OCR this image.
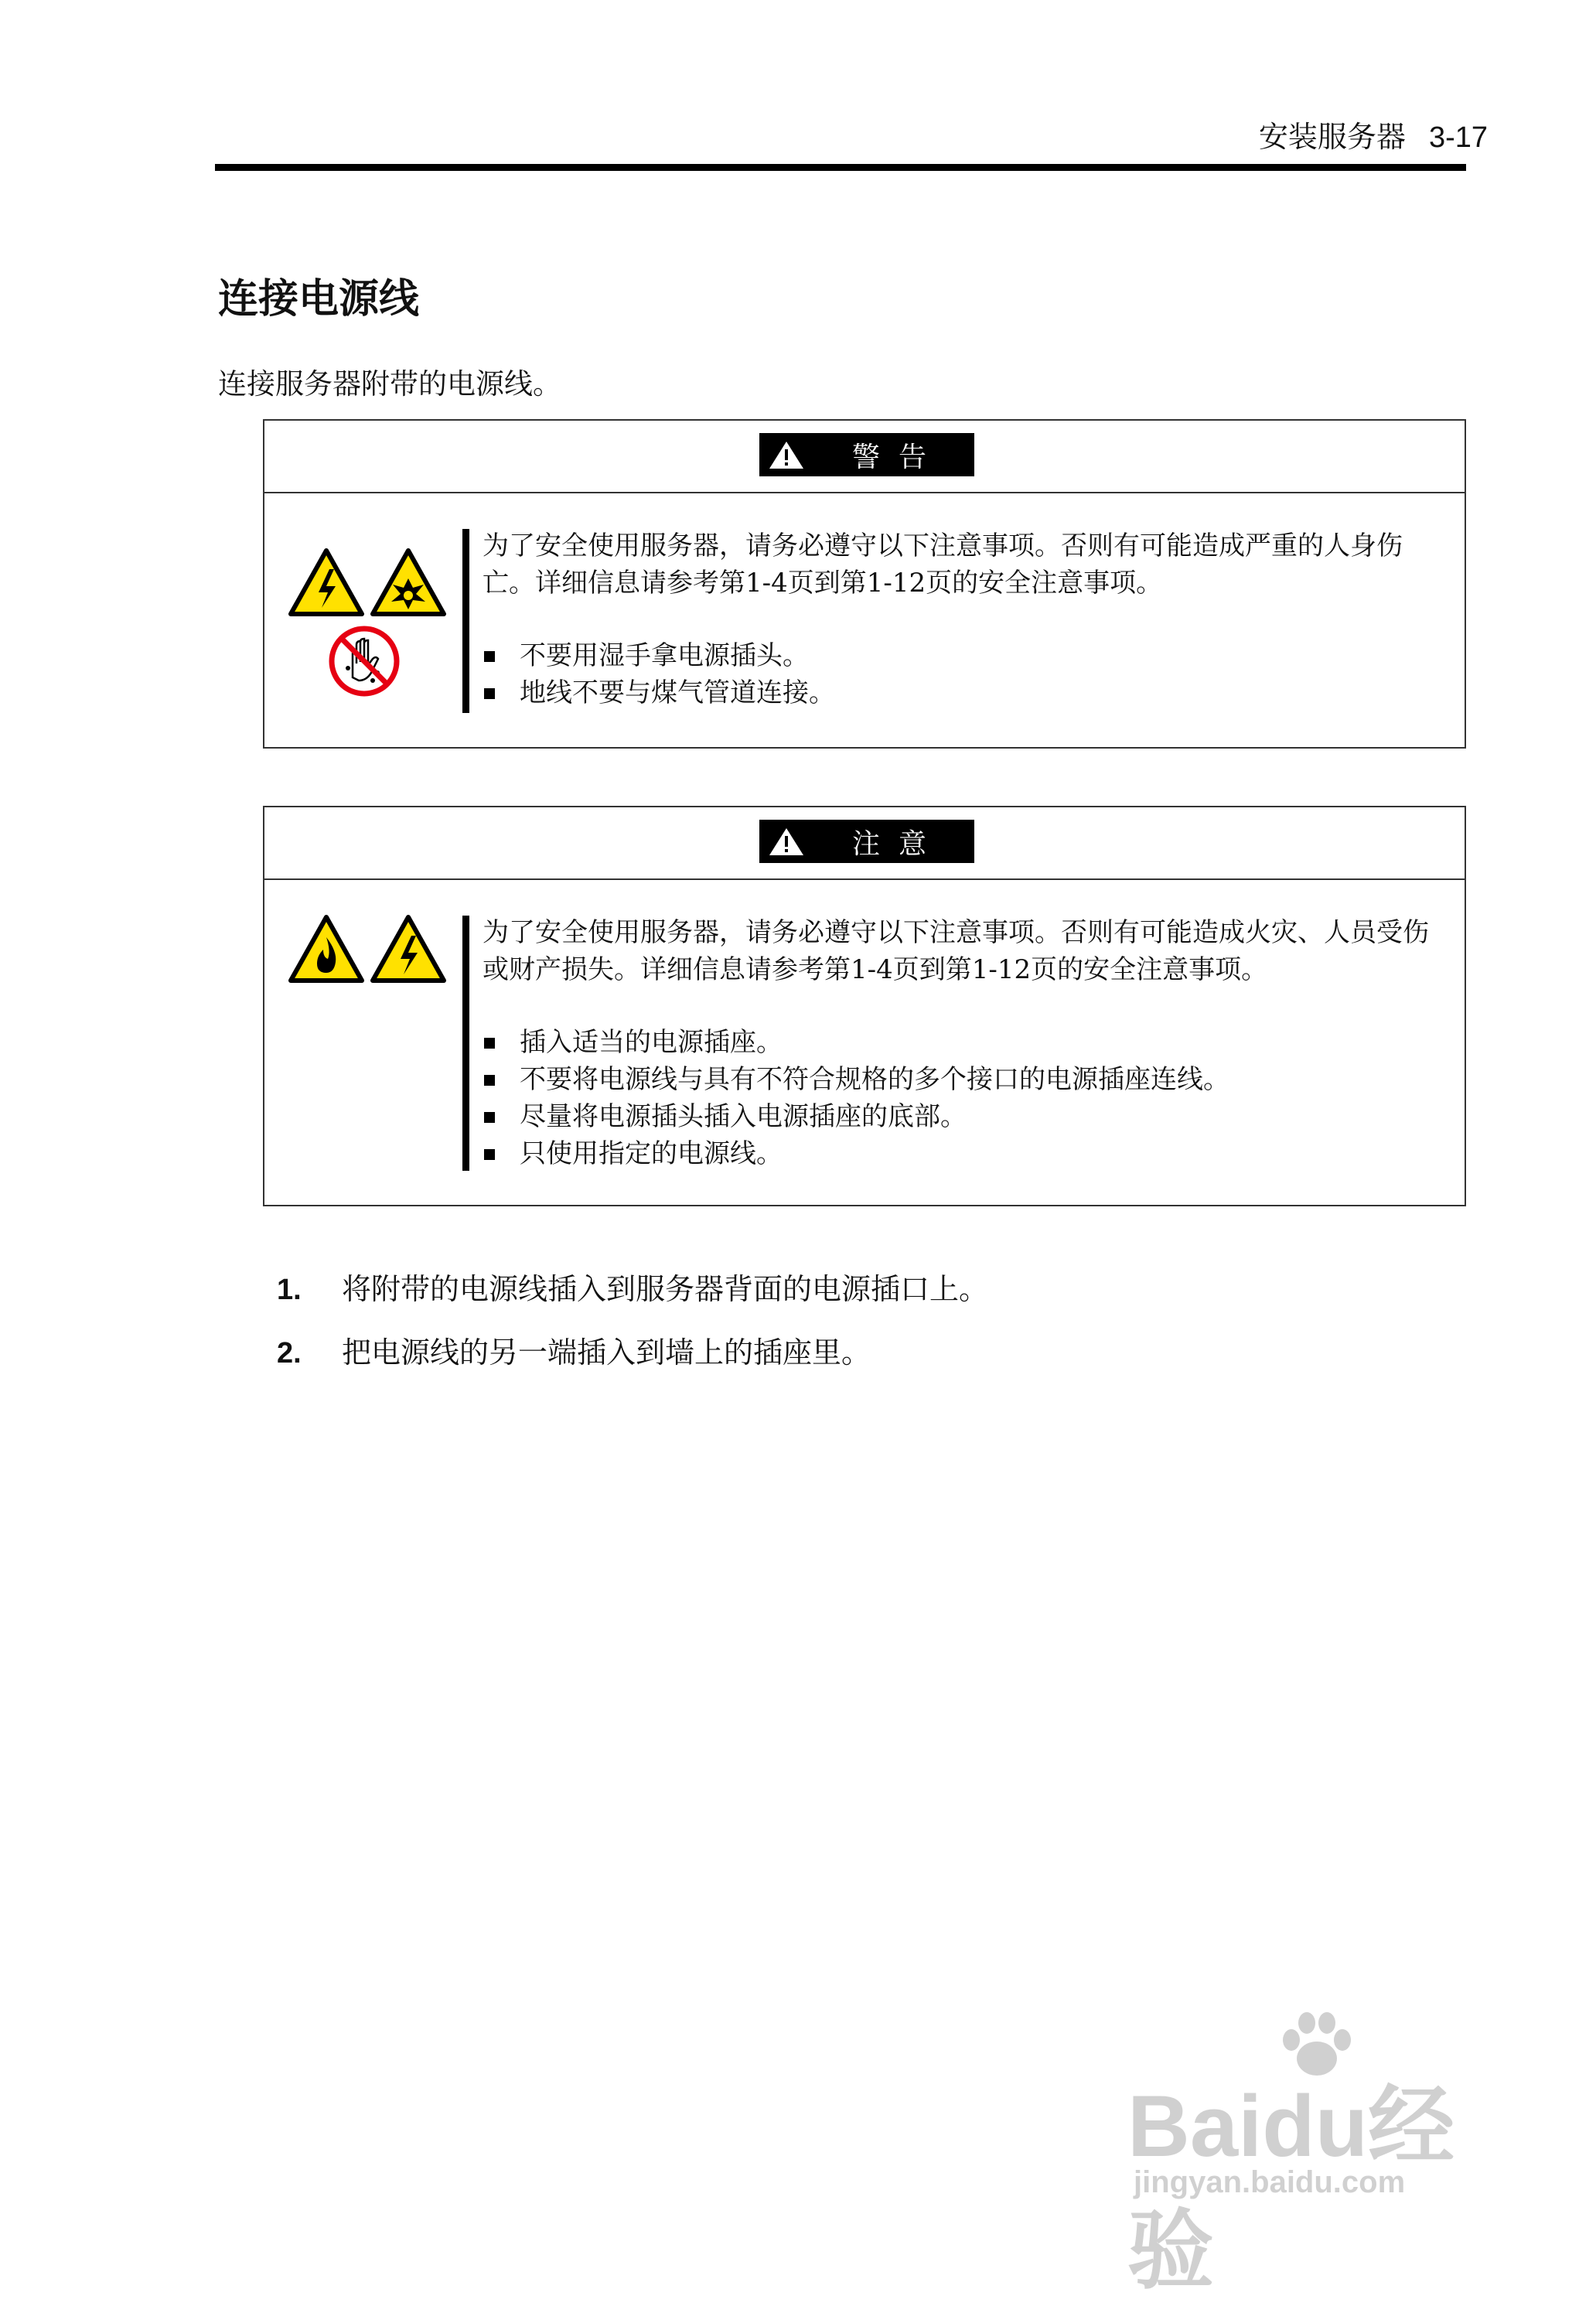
安装服务器 3-17
连接电源线
连接服务器附带的电源线。
警告

为了安全使用服务器，请务必遵守以下注意事项。否则有可能造成严重的人身伤亡。详细信息请参考第1-4页到第1-12页的安全注意事项。

不要用湿手拿电源插头。
地线不要与煤气管道连接。
注意

为了安全使用服务器，请务必遵守以下注意事项。否则有可能造成火灾、人员受伤或财产损失。详细信息请参考第1-4页到第1-12页的安全注意事项。

插入适当的电源插座。
不要将电源线与具有不符合规格的多个接口的电源插座连线。
尽量将电源插头插入电源插座的底部。
只使用指定的电源线。
1. 将附带的电源线插入到服务器背面的电源插口上。
2. 把电源线的另一端插入到墙上的插座里。
Baidu经验
jingyan.baidu.com
